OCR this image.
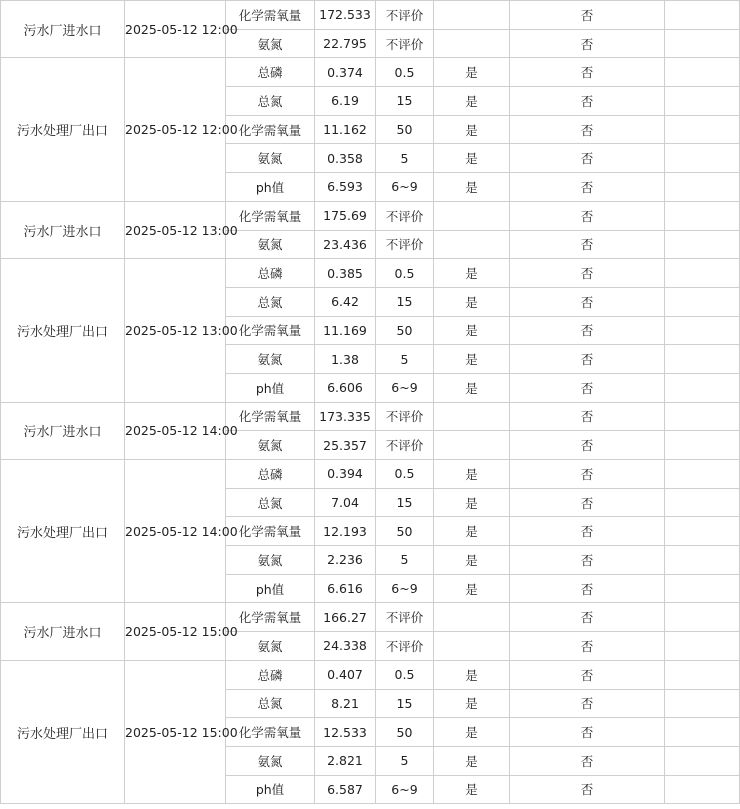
污水厂进水口	2025-05-12 12:00	化学需氧量	172.533	不评价		否	
		氨氮	22.795	不评价		否	
污水处理厂出口	2025-05-12 12:00	总磷	0.374	0.5	是	否	
		总氮	6.19	15	是	否	
		化学需氧量	11.162	50	是	否	
		氨氮	0.358	5	是	否	
		ph值	6.593	6~9	是	否	
污水厂进水口	2025-05-12 13:00	化学需氧量	175.69	不评价		否	
		氨氮	23.436	不评价		否	
污水处理厂出口	2025-05-12 13:00	总磷	0.385	0.5	是	否	
		总氮	6.42	15	是	否	
		化学需氧量	11.169	50	是	否	
		氨氮	1.38	5	是	否	
		ph值	6.606	6~9	是	否	
污水厂进水口	2025-05-12 14:00	化学需氧量	173.335	不评价		否	
		氨氮	25.357	不评价		否	
污水处理厂出口	2025-05-12 14:00	总磷	0.394	0.5	是	否	
		总氮	7.04	15	是	否	
		化学需氧量	12.193	50	是	否	
		氨氮	2.236	5	是	否	
		ph值	6.616	6~9	是	否	
污水厂进水口	2025-05-12 15:00	化学需氧量	166.27	不评价		否	
		氨氮	24.338	不评价		否	
污水处理厂出口	2025-05-12 15:00	总磷	0.407	0.5	是	否	
		总氮	8.21	15	是	否	
		化学需氧量	12.533	50	是	否	
		氨氮	2.821	5	是	否	
		ph值	6.587	6~9	是	否	
